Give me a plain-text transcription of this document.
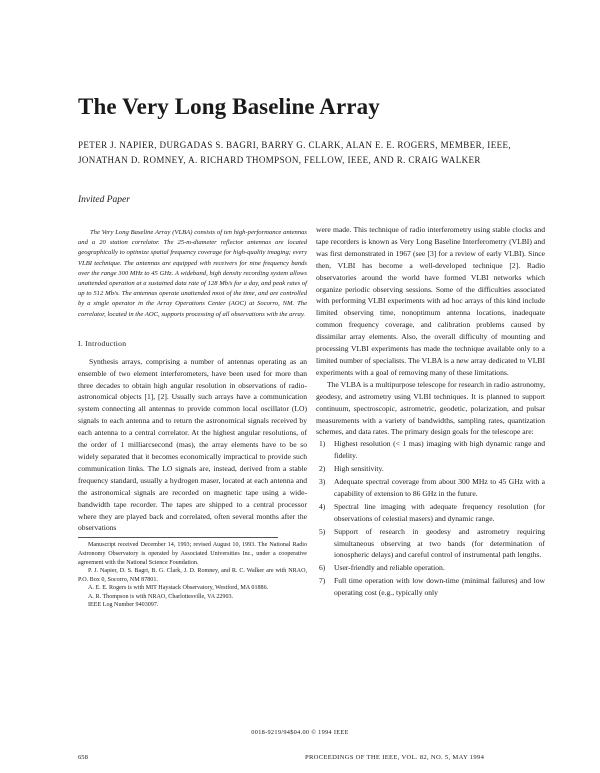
The Very Long Baseline Array
PETER J. NAPIER, DURGADAS S. BAGRI, BARRY G. CLARK, ALAN E. E. ROGERS, MEMBER, IEEE, JONATHAN D. ROMNEY, A. RICHARD THOMPSON, FELLOW, IEEE, AND R. CRAIG WALKER
Invited Paper

The Very Long Baseline Array (VLBA) consists of ten high-performance antennas and a 20 station correlator. The 25-m-diameter reflector antennas are located geographically to optimize spatial frequency coverage for high-quality imaging; every VLBI technique. The antennas are equipped with receivers for nine frequency bands over the range 300 MHz to 45 GHz. A wideband, high density recording system allows unattended operation at a sustained data rate of 128 Mb/s for a day, and peak rates of up to 512 Mb/s. The antennas operate unattended most of the time, and are controlled by a single operator in the Array Operations Center (AOC) at Socorro, NM. The correlator, located in the AOC, supports processing of all observations with the array.

I. Introduction

Synthesis arrays, comprising a number of antennas operating as an ensemble of two element interferometers, have been used for more than three decades to obtain high angular resolution in observations of radio-astronomical objects [1], [2]. Usually such arrays have a communication system connecting all antennas to provide common local oscillator (LO) signals to each antenna and to return the astronomical signals received by each antenna to a central correlator. At the highest angular resolutions, of the order of 1 milliarcsecond (mas), the array elements have to be so widely separated that it becomes economically impractical to provide such communication links. The LO signals are, instead, derived from a stable frequency standard, usually a hydrogen maser, located at each antenna and the astronomical signals are recorded on magnetic tape using a wide-bandwidth tape recorder. The tapes are shipped to a central processor where they are played back and correlated, often several months after the observations

Manuscript received December 14, 1993; revised August 10, 1993. The National Radio Astronomy Observatory is operated by Associated Universities Inc., under a cooperative agreement with the National Science Foundation.

P. J. Napier, D. S. Bagri, B. G. Clark, J. D. Romney, and R. C. Walker are with NRAO, P.O. Box 0, Socorro, NM 87801.

A. E. E. Rogers is with MIT Haystack Observatory, Westford, MA 01886.

A. R. Thompson is with NRAO, Charlottesville, VA 22903.

IEEE Log Number 9403097.

were made. This technique of radio interferometry using stable clocks and tape recorders is known as Very Long Baseline Interferometry (VLBI) and was first demonstrated in 1967 (see [3] for a review of early VLBI). Since then, VLBI has become a well-developed technique [2]. Radio observatories around the world have formed VLBI networks which organize periodic observing sessions. Some of the difficulties associated with performing VLBI experiments with ad hoc arrays of this kind include limited observing time, nonoptimum antenna locations, inadequate common frequency coverage, and calibration problems caused by dissimilar array elements. Also, the overall difficulty of mounting and processing VLBI experiments has made the technique available only to a limited number of specialists. The VLBA is a new array dedicated to VLBI experiments with a goal of removing many of these limitations.

The VLBA is a multipurpose telescope for research in radio astronomy, geodesy, and astrometry using VLBI techniques. It is planned to support continuum, spectroscopic, astrometric, geodetic, polarization, and pulsar measurements with a variety of bandwidths, sampling rates, quantization schemes, and data rates. The primary design goals for the telescope are:

1) Highest resolution (< 1 mas) imaging with high dynamic range and fidelity.
2) High sensitivity.
3) Adequate spectral coverage from about 300 MHz to 45 GHz with a capability of extension to 86 GHz in the future.
4) Spectral line imaging with adequate frequency resolution (for observations of celestial masers) and dynamic range.
5) Support of research in geodesy and astrometry requiring simultaneous observing at two bands (for determination of ionospheric delays) and careful control of instrumental path lengths.
6) User-friendly and reliable operation.
7) Full time operation with low down-time (minimal failures) and low operating cost (e.g., typically only
0018-9219/94$04.00 © 1994 IEEE
658	PROCEEDINGS OF THE IEEE, VOL. 82, NO. 5, MAY 1994
